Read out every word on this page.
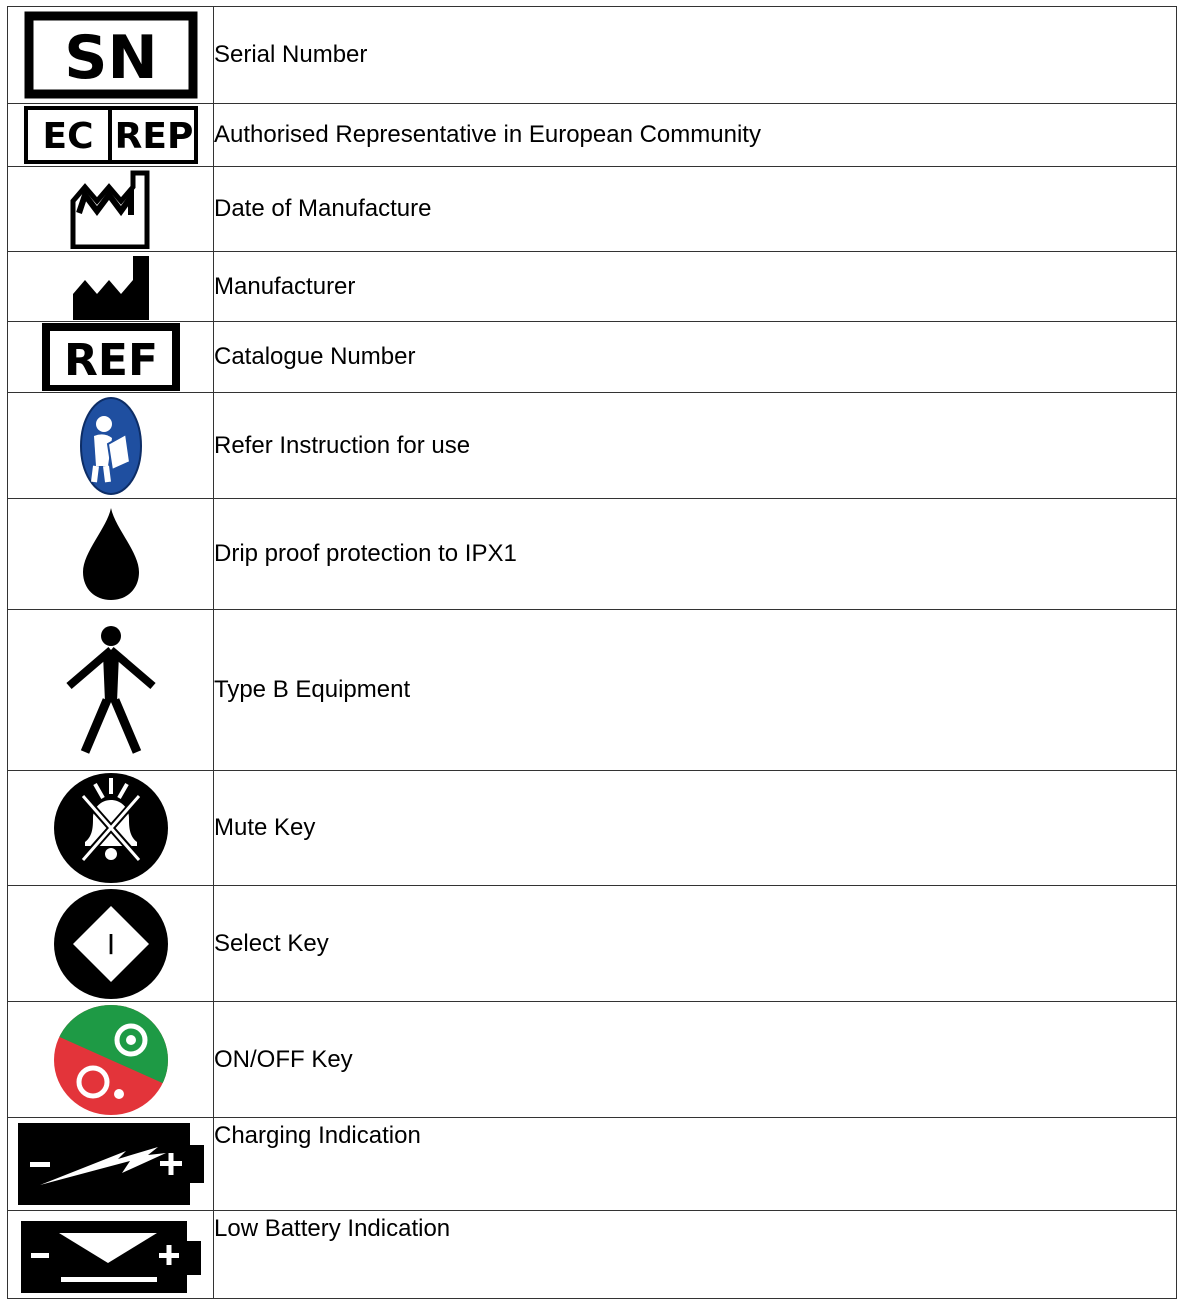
SN	Serial Number

EC REP	Authorised Representative in European Community

	Date of Manufacture

	Manufacturer

REF	Catalogue Number

	Refer Instruction for use

	Drip proof protection to IPX1

	Type B Equipment

	Mute Key

I	Select Key

	ON/OFF Key

	Charging Indication

	Low Battery Indication
